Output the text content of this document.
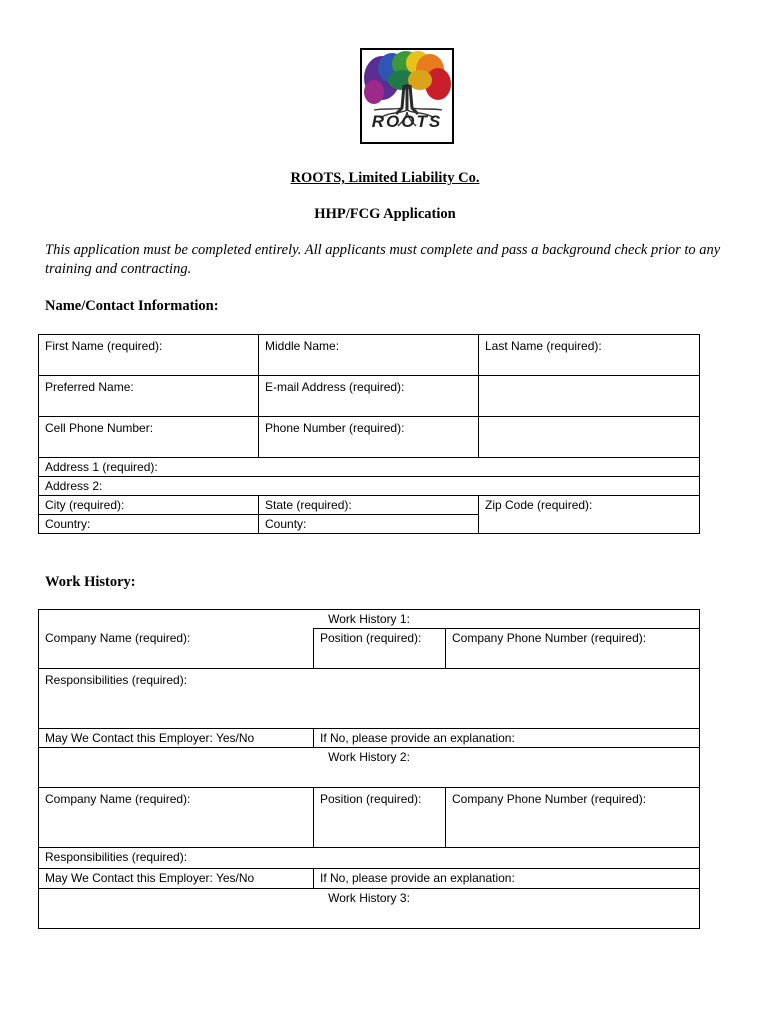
ROOTS
ROOTS, Limited Liability Co.
HHP/FCG Application
This application must be completed entirely. All applicants must complete and pass a background check prior to any training and contracting.
Name/Contact Information:
First Name (required):	Middle Name:	Last Name (required):

Preferred Name:	E-mail Address (required):	

Cell Phone Number:	Phone Number (required):	

Address 1 (required):		
Address 2:		
City (required):	State (required):	Zip Code (required):
Country:	County:	
Work History:
Work History 1:		
Company Name (required):	Position (required):	Company Phone Number (required):

Responsibilities (required):		

May We Contact this Employer: Yes/No	If No, please provide an explanation:	
Work History 2:		

Company Name (required):	Position (required):	Company Phone Number (required):

Responsibilities (required):		
May We Contact this Employer: Yes/No	If No, please provide an explanation:	
Work History 3:		
